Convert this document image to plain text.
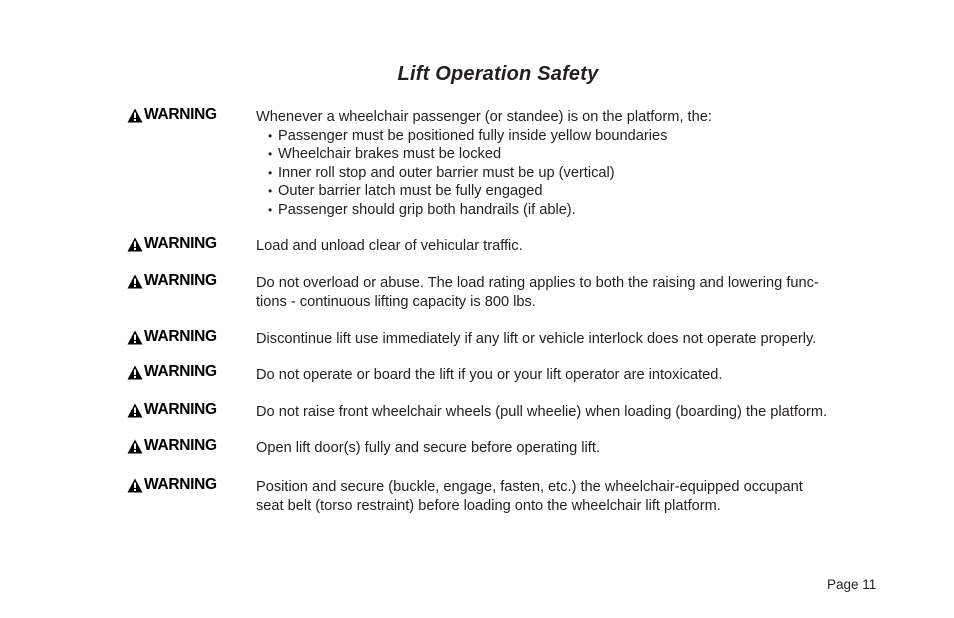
Lift Operation Safety
WARNING	Whenever a wheelchair passenger (or standee) is on the platform, the:
• Passenger must be positioned fully inside yellow boundaries
• Wheelchair brakes must be locked
• Inner roll stop and outer barrier must be up (vertical)
• Outer barrier latch must be fully engaged
• Passenger should grip both handrails (if able).
WARNING	Load and unload clear of vehicular traffic.
WARNING	Do not overload or abuse. The load rating applies to both the raising and lowering func-
tions - continuous lifting capacity is 800 lbs.
WARNING	Discontinue lift use immediately if any lift or vehicle interlock does not operate properly.
WARNING	Do not operate or board the lift if you or your lift operator are intoxicated.
WARNING	Do not raise front wheelchair wheels (pull wheelie) when loading (boarding) the platform.
WARNING	Open lift door(s) fully and secure before operating lift.
WARNING	Position and secure (buckle, engage, fasten, etc.) the wheelchair-equipped occupant
seat belt (torso restraint) before loading onto the wheelchair lift platform.
Page 11
